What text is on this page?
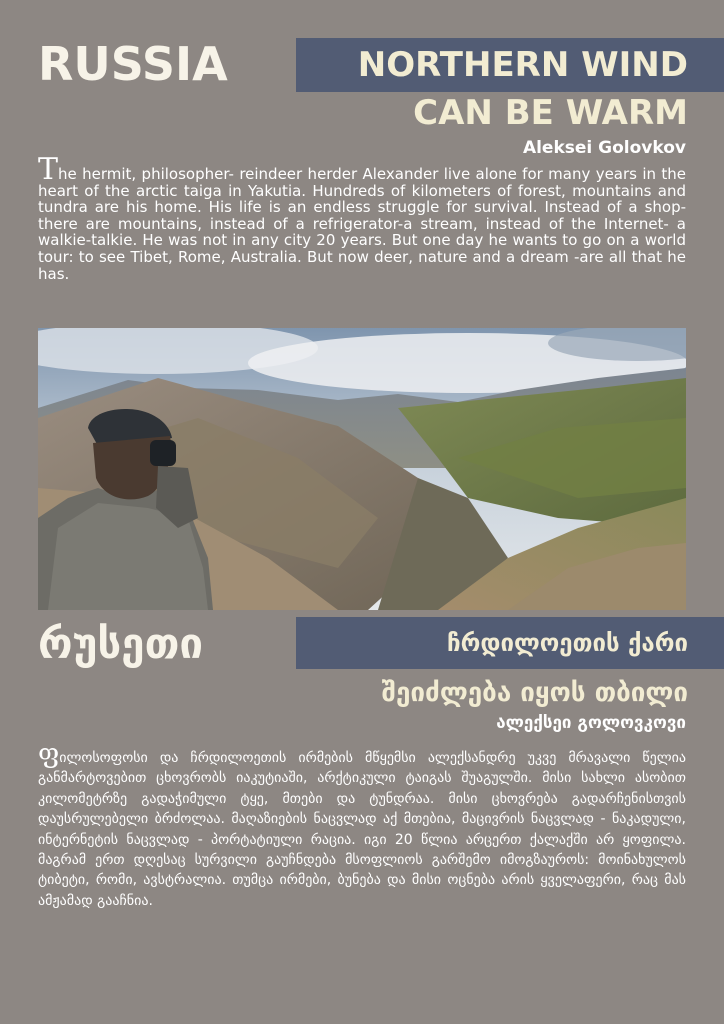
RUSSIA	NORTHERN WIND
CAN BE WARM
Aleksei Golovkov

The hermit, philosopher- reindeer herder Alexander live alone for many years in the heart of the arctic taiga in Yakutia. Hundreds of kilometers of forest, mountains and tundra are his home. His life is an endless struggle for survival. Instead of a shop- there are mountains, instead of a refrigerator-a stream, instead of the Internet- a walkie-talkie. He was not in any city 20 years. But one day he wants to go on a world tour: to see Tibet, Rome, Australia. But now deer, nature and a dream -are all that he has.

რუსეთი	ჩრდილოეთის ქარი
შეიძლება იყოს თბილი
ალექსეი გოლოვკოვი

ფილოსოფოსი და ჩრდილოეთის ირმების მწყემსი ალექსანდრე უკვე მრავალი წელია განმარტოვებით ცხოვრობს იაკუტიაში, არქტიკული ტაიგას შუაგულში. მისი სახლი ასობით კილომეტრზე გადაჭიმული ტყე, მთები და ტუნდრაა. მისი ცხოვრება გადარჩენისთვის დაუსრულებელი ბრძოლაა. მაღაზიების ნაცვლად აქ მთებია, მაცივრის ნაცვლად - ნაკადული, ინტერნეტის ნაცვლად - პორტატიული რაცია. იგი 20 წლია არცერთ ქალაქში არ ყოფილა. მაგრამ ერთ დღესაც სურვილი გაუჩნდება მსოფლიოს გარშემო იმოგზაუროს: მოინახულოს ტიბეტი, რომი, ავსტრალია. თუმცა ირმები, ბუნება და მისი ოცნება არის ყველაფერი, რაც მას ამჟამად გააჩნია.
